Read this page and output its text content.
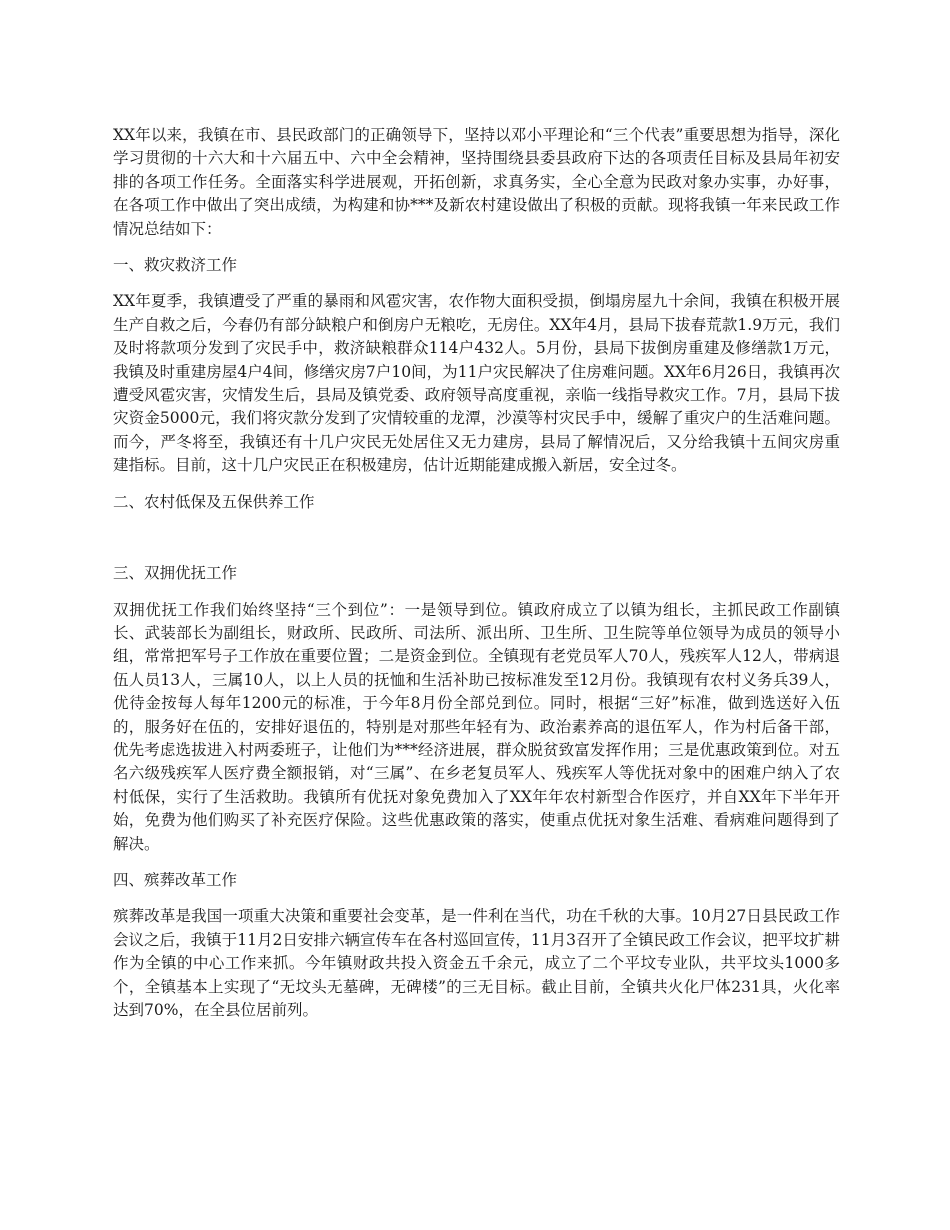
XX年以来，我镇在市、县民政部门的正确领导下，坚持以邓小平理论和“三个代表”重要思想为指导，深化学习贯彻的十六大和十六届五中、六中全会精神，坚持围绕县委县政府下达的各项责任目标及县局年初安排的各项工作任务。全面落实科学进展观，开拓创新，求真务实，全心全意为民政对象办实事，办好事，在各项工作中做出了突出成绩，为构建和协***及新农村建设做出了积极的贡献。现将我镇一年来民政工作情况总结如下：

一、救灾救济工作

XX年夏季，我镇遭受了严重的暴雨和风雹灾害，农作物大面积受损，倒塌房屋九十余间，我镇在积极开展生产自救之后，今春仍有部分缺粮户和倒房户无粮吃，无房住。XX年4月，县局下拔春荒款1.9万元，我们及时将款项分发到了灾民手中，救济缺粮群众114户432人。5月份，县局下拔倒房重建及修缮款1万元，我镇及时重建房屋4户4间，修缮灾房7户10间，为11户灾民解决了住房难问题。XX年6月26日，我镇再次遭受风雹灾害，灾情发生后，县局及镇党委、政府领导高度重视，亲临一线指导救灾工作。7月，县局下拔灾资金5000元，我们将灾款分发到了灾情较重的龙潭，沙漠等村灾民手中，缓解了重灾户的生活难问题。而今，严冬将至，我镇还有十几户灾民无处居住又无力建房，县局了解情况后，又分给我镇十五间灾房重建指标。目前，这十几户灾民正在积极建房，估计近期能建成搬入新居，安全过冬。

二、农村低保及五保供养工作
三、双拥优抚工作

双拥优抚工作我们始终坚持“三个到位”：一是领导到位。镇政府成立了以镇为组长，主抓民政工作副镇长、武装部长为副组长，财政所、民政所、司法所、派出所、卫生所、卫生院等单位领导为成员的领导小组，常常把军号子工作放在重要位置；二是资金到位。全镇现有老党员军人70人，残疾军人12人，带病退伍人员13人，三属10人，以上人员的抚恤和生活补助已按标准发至12月份。我镇现有农村义务兵39人，优待金按每人每年1200元的标准，于今年8月份全部兑到位。同时，根据“三好”标准，做到选送好入伍的，服务好在伍的，安排好退伍的，特别是对那些年轻有为、政治素养高的退伍军人，作为村后备干部，优先考虑选拔进入村两委班子，让他们为***经济进展，群众脱贫致富发挥作用；三是优惠政策到位。对五名六级残疾军人医疗费全额报销，对“三属”、在乡老复员军人、残疾军人等优抚对象中的困难户纳入了农村低保，实行了生活救助。我镇所有优抚对象免费加入了XX年年农村新型合作医疗，并自XX年下半年开始，免费为他们购买了补充医疗保险。这些优惠政策的落实，使重点优抚对象生活难、看病难问题得到了解决。

四、殡葬改革工作

殡葬改革是我国一项重大决策和重要社会变革，是一件利在当代，功在千秋的大事。10月27日县民政工作会议之后，我镇于11月2日安排六辆宣传车在各村巡回宣传，11月3召开了全镇民政工作会议，把平坟扩耕作为全镇的中心工作来抓。今年镇财政共投入资金五千余元，成立了二个平坟专业队，共平坟头1000多个，全镇基本上实现了“无坟头无墓碑，无碑楼”的三无目标。截止目前，全镇共火化尸体231具，火化率达到70%，在全县位居前列。
